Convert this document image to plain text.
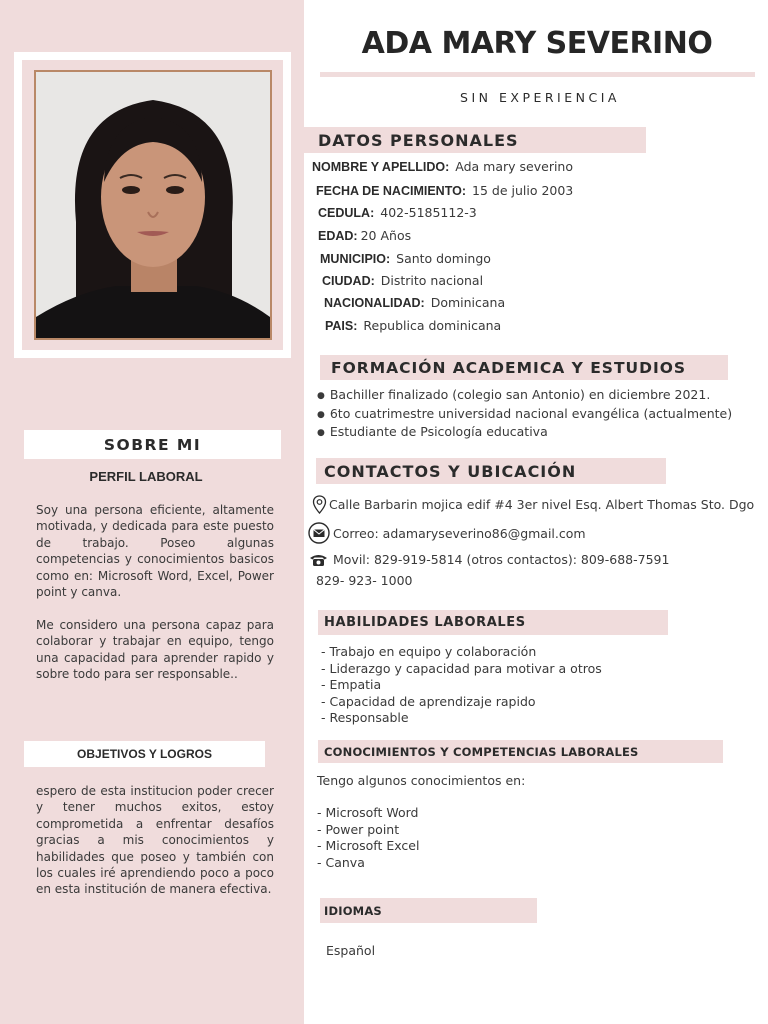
SOBRE MI
PERFIL LABORAL

Soy una persona eficiente, altamente motivada, y dedicada para este puesto de trabajo. Poseo algunas competencias y conocimientos basicos como en: Microsoft Word, Excel, Power point y canva.

Me considero una persona capaz para colaborar y trabajar en equipo, tengo una capacidad para aprender rapido y sobre todo para ser responsable..

OBJETIVOS Y LOGROS

espero de esta institucion poder crecer y tener muchos exitos, estoy comprometida a enfrentar desafíos gracias a mis conocimientos y habilidades que poseo y también con los cuales iré aprendiendo poco a poco en esta institución de manera efectiva.

ADA MARY SEVERINO
SIN EXPERIENCIA
DATOS PERSONALES
NOMBRE Y APELLIDO: Ada mary severino
FECHA DE NACIMIENTO: 15 de julio 2003
CEDULA: 402-5185112-3
EDAD: 20 Años
MUNICIPIO: Santo domingo
CIUDAD: Distrito nacional
NACIONALIDAD: Dominicana
PAIS: Republica dominicana
FORMACIÓN ACADEMICA Y ESTUDIOS
● Bachiller finalizado (colegio san Antonio) en diciembre 2021.
● 6to cuatrimestre universidad nacional evangélica (actualmente)
● Estudiante de Psicología educativa
CONTACTOS Y UBICACIÓN
Calle Barbarin mojica edif #4 3er nivel Esq. Albert Thomas Sto. Dgo
Correo: adamaryseverino86@gmail.com
Movil: 829-919-5814 (otros contactos): 809-688-7591
829- 923- 1000
HABILIDADES LABORALES
- Trabajo en equipo y colaboración
- Liderazgo y capacidad para motivar a otros
- Empatia
- Capacidad de aprendizaje rapido
- Responsable
CONOCIMIENTOS Y COMPETENCIAS LABORALES
Tengo algunos conocimientos en:
- Microsoft Word
- Power point
- Microsoft Excel
- Canva
IDIOMAS
Español
